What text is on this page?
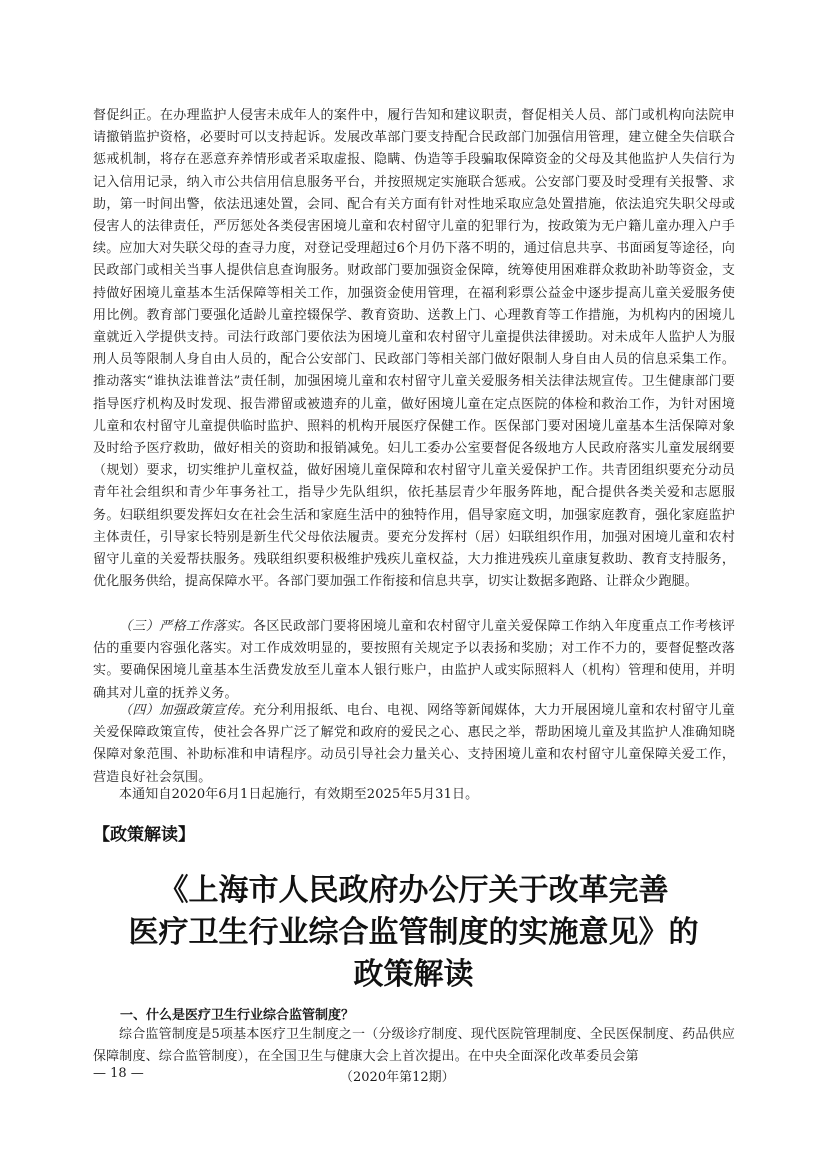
督促纠正。在办理监护人侵害未成年人的案件中，履行告知和建议职责，督促相关人员、部门或机构向法院申请撤销监护资格，必要时可以支持起诉。发展改革部门要支持配合民政部门加强信用管理，建立健全失信联合惩戒机制，将存在恶意弃养情形或者采取虚报、隐瞒、伪造等手段骗取保障资金的父母及其他监护人失信行为记入信用记录，纳入市公共信用信息服务平台，并按照规定实施联合惩戒。公安部门要及时受理有关报警、求助，第一时间出警，依法迅速处置，会同、配合有关方面有针对性地采取应急处置措施，依法追究失职父母或侵害人的法律责任，严厉惩处各类侵害困境儿童和农村留守儿童的犯罪行为，按政策为无户籍儿童办理入户手续。应加大对失联父母的查寻力度，对登记受理超过6个月仍下落不明的，通过信息共享、书面函复等途径，向民政部门或相关当事人提供信息查询服务。财政部门要加强资金保障，统筹使用困难群众救助补助等资金，支持做好困境儿童基本生活保障等相关工作，加强资金使用管理，在福利彩票公益金中逐步提高儿童关爱服务使用比例。教育部门要强化适龄儿童控辍保学、教育资助、送教上门、心理教育等工作措施，为机构内的困境儿童就近入学提供支持。司法行政部门要依法为困境儿童和农村留守儿童提供法律援助。对未成年人监护人为服刑人员等限制人身自由人员的，配合公安部门、民政部门等相关部门做好限制人身自由人员的信息采集工作。推动落实“谁执法谁普法”责任制，加强困境儿童和农村留守儿童关爱服务相关法律法规宣传。卫生健康部门要指导医疗机构及时发现、报告滞留或被遗弃的儿童，做好困境儿童在定点医院的体检和救治工作，为针对困境儿童和农村留守儿童提供临时监护、照料的机构开展医疗保健工作。医保部门要对困境儿童基本生活保障对象及时给予医疗救助，做好相关的资助和报销减免。妇儿工委办公室要督促各级地方人民政府落实儿童发展纲要（规划）要求，切实维护儿童权益，做好困境儿童保障和农村留守儿童关爱保护工作。共青团组织要充分动员青年社会组织和青少年事务社工，指导少先队组织，依托基层青少年服务阵地，配合提供各类关爱和志愿服务。妇联组织要发挥妇女在社会生活和家庭生活中的独特作用，倡导家庭文明，加强家庭教育，强化家庭监护主体责任，引导家长特别是新生代父母依法履责。要充分发挥村（居）妇联组织作用，加强对困境儿童和农村留守儿童的关爱帮扶服务。残联组织要积极维护残疾儿童权益，大力推进残疾儿童康复救助、教育支持服务，优化服务供给，提高保障水平。各部门要加强工作衔接和信息共享，切实让数据多跑路、让群众少跑腿。

（三）严格工作落实。各区民政部门要将困境儿童和农村留守儿童关爱保障工作纳入年度重点工作考核评估的重要内容强化落实。对工作成效明显的，要按照有关规定予以表扬和奖励；对工作不力的，要督促整改落实。要确保困境儿童基本生活费发放至儿童本人银行账户，由监护人或实际照料人（机构）管理和使用，并明确其对儿童的抚养义务。

（四）加强政策宣传。充分利用报纸、电台、电视、网络等新闻媒体，大力开展困境儿童和农村留守儿童关爱保障政策宣传，使社会各界广泛了解党和政府的爱民之心、惠民之举，帮助困境儿童及其监护人准确知晓保障对象范围、补助标准和申请程序。动员引导社会力量关心、支持困境儿童和农村留守儿童保障关爱工作，营造良好社会氛围。

本通知自2020年6月1日起施行，有效期至2025年5月31日。

【政策解读】
《上海市人民政府办公厅关于改革完善
医疗卫生行业综合监管制度的实施意见》的
政策解读
一、什么是医疗卫生行业综合监管制度？

综合监管制度是5项基本医疗卫生制度之一（分级诊疗制度、现代医院管理制度、全民医保制度、药品供应保障制度、综合监管制度），在全国卫生与健康大会上首次提出。在中央全面深化改革委员会第

— 18 —	（2020年第12期）
